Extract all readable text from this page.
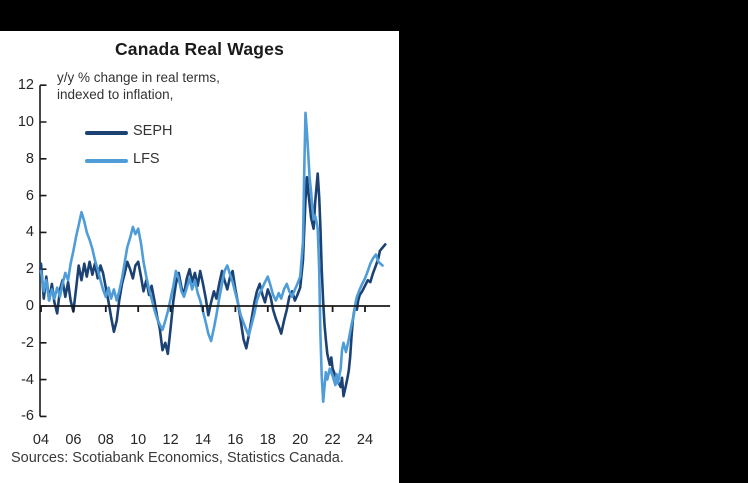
Canada Real Wages
y/y % change in real terms,
indexed to inflation,
SEPH
LFS
12
10
8
6
4
2
0
-2
-4
-6
04	06	08	10	12	14	16	18	20	22	24
Sources: Scotiabank Economics, Statistics Canada.
